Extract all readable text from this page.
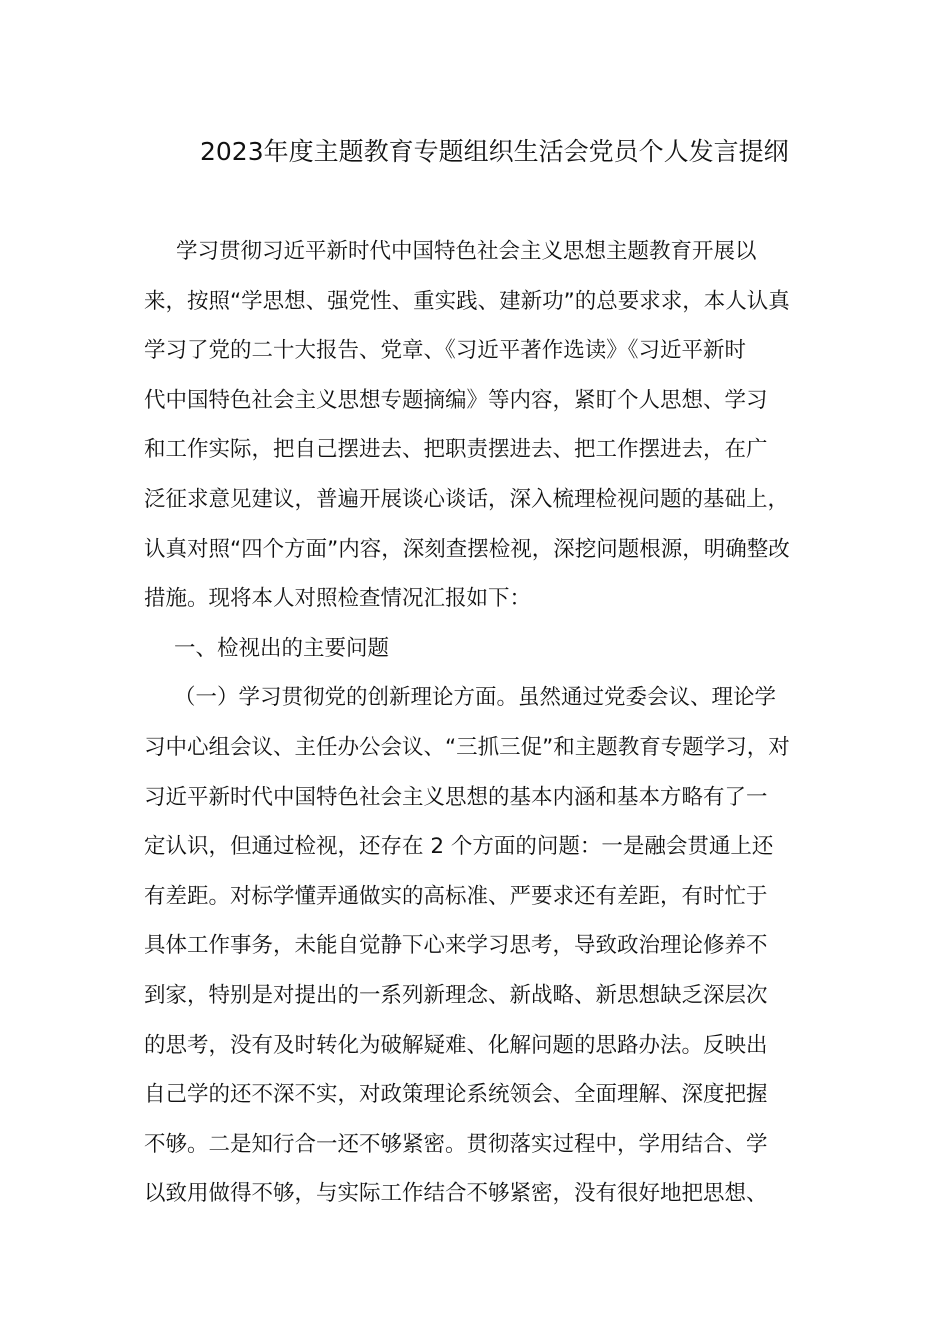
2023年度主题教育专题组织生活会党员个人发言提纲
学习贯彻习近平新时代中国特色社会主义思想主题教育开展以
来，按照“学思想、强党性、重实践、建新功”的总要求求，本人认真
学习了党的二十大报告、党章、《习近平著作选读》《习近平新时
代中国特色社会主义思想专题摘编》等内容，紧盯个人思想、学习
和工作实际，把自己摆进去、把职责摆进去、把工作摆进去，在广
泛征求意见建议，普遍开展谈心谈话，深入梳理检视问题的基础上，
认真对照“四个方面”内容，深刻查摆检视，深挖问题根源，明确整改
措施。现将本人对照检查情况汇报如下：
一、检视出的主要问题
（一）学习贯彻党的创新理论方面。虽然通过党委会议、理论学
习中心组会议、主任办公会议、“三抓三促”和主题教育专题学习，对
习近平新时代中国特色社会主义思想的基本内涵和基本方略有了一
定认识，但通过检视，还存在 2 个方面的问题：一是融会贯通上还
有差距。对标学懂弄通做实的高标准、严要求还有差距，有时忙于
具体工作事务，未能自觉静下心来学习思考，导致政治理论修养不
到家，特别是对提出的一系列新理念、新战略、新思想缺乏深层次
的思考，没有及时转化为破解疑难、化解问题的思路办法。反映出
自己学的还不深不实，对政策理论系统领会、全面理解、深度把握
不够。二是知行合一还不够紧密。贯彻落实过程中，学用结合、学
以致用做得不够，与实际工作结合不够紧密，没有很好地把思想、
